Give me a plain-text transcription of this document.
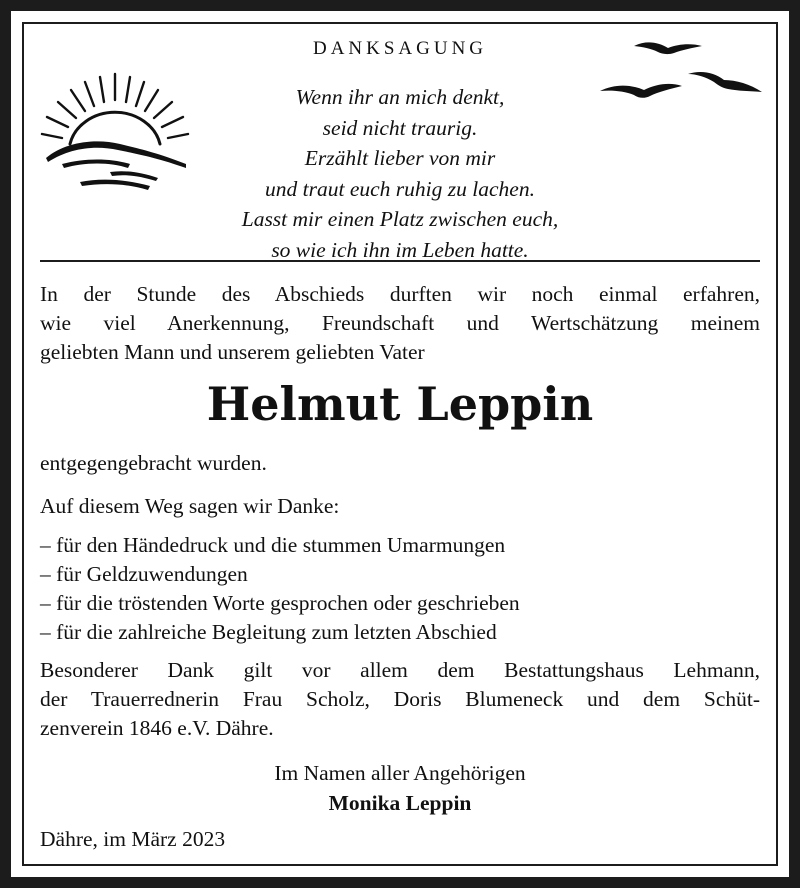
DANKSAGUNG
Wenn ihr an mich denkt,
seid nicht traurig.
Erzählt lieber von mir
und traut euch ruhig zu lachen.
Lasst mir einen Platz zwischen euch,
so wie ich ihn im Leben hatte.
In der Stunde des Abschieds durften wir noch einmal erfahren,
wie viel Anerkennung, Freundschaft und Wertschätzung meinem
geliebten Mann und unserem geliebten Vater
Helmut Leppin
entgegengebracht wurden.
Auf diesem Weg sagen wir Danke:
– für den Händedruck und die stummen Umarmungen
– für Geldzuwendungen
– für die tröstenden Worte gesprochen oder geschrieben
– für die zahlreiche Begleitung zum letzten Abschied
Besonderer Dank gilt vor allem dem Bestattungshaus Lehmann,
der Trauerrednerin Frau Scholz, Doris Blumeneck und dem Schüt-
zenverein 1846 e.V. Dähre.
Im Namen aller Angehörigen
Monika Leppin
Dähre, im März 2023
